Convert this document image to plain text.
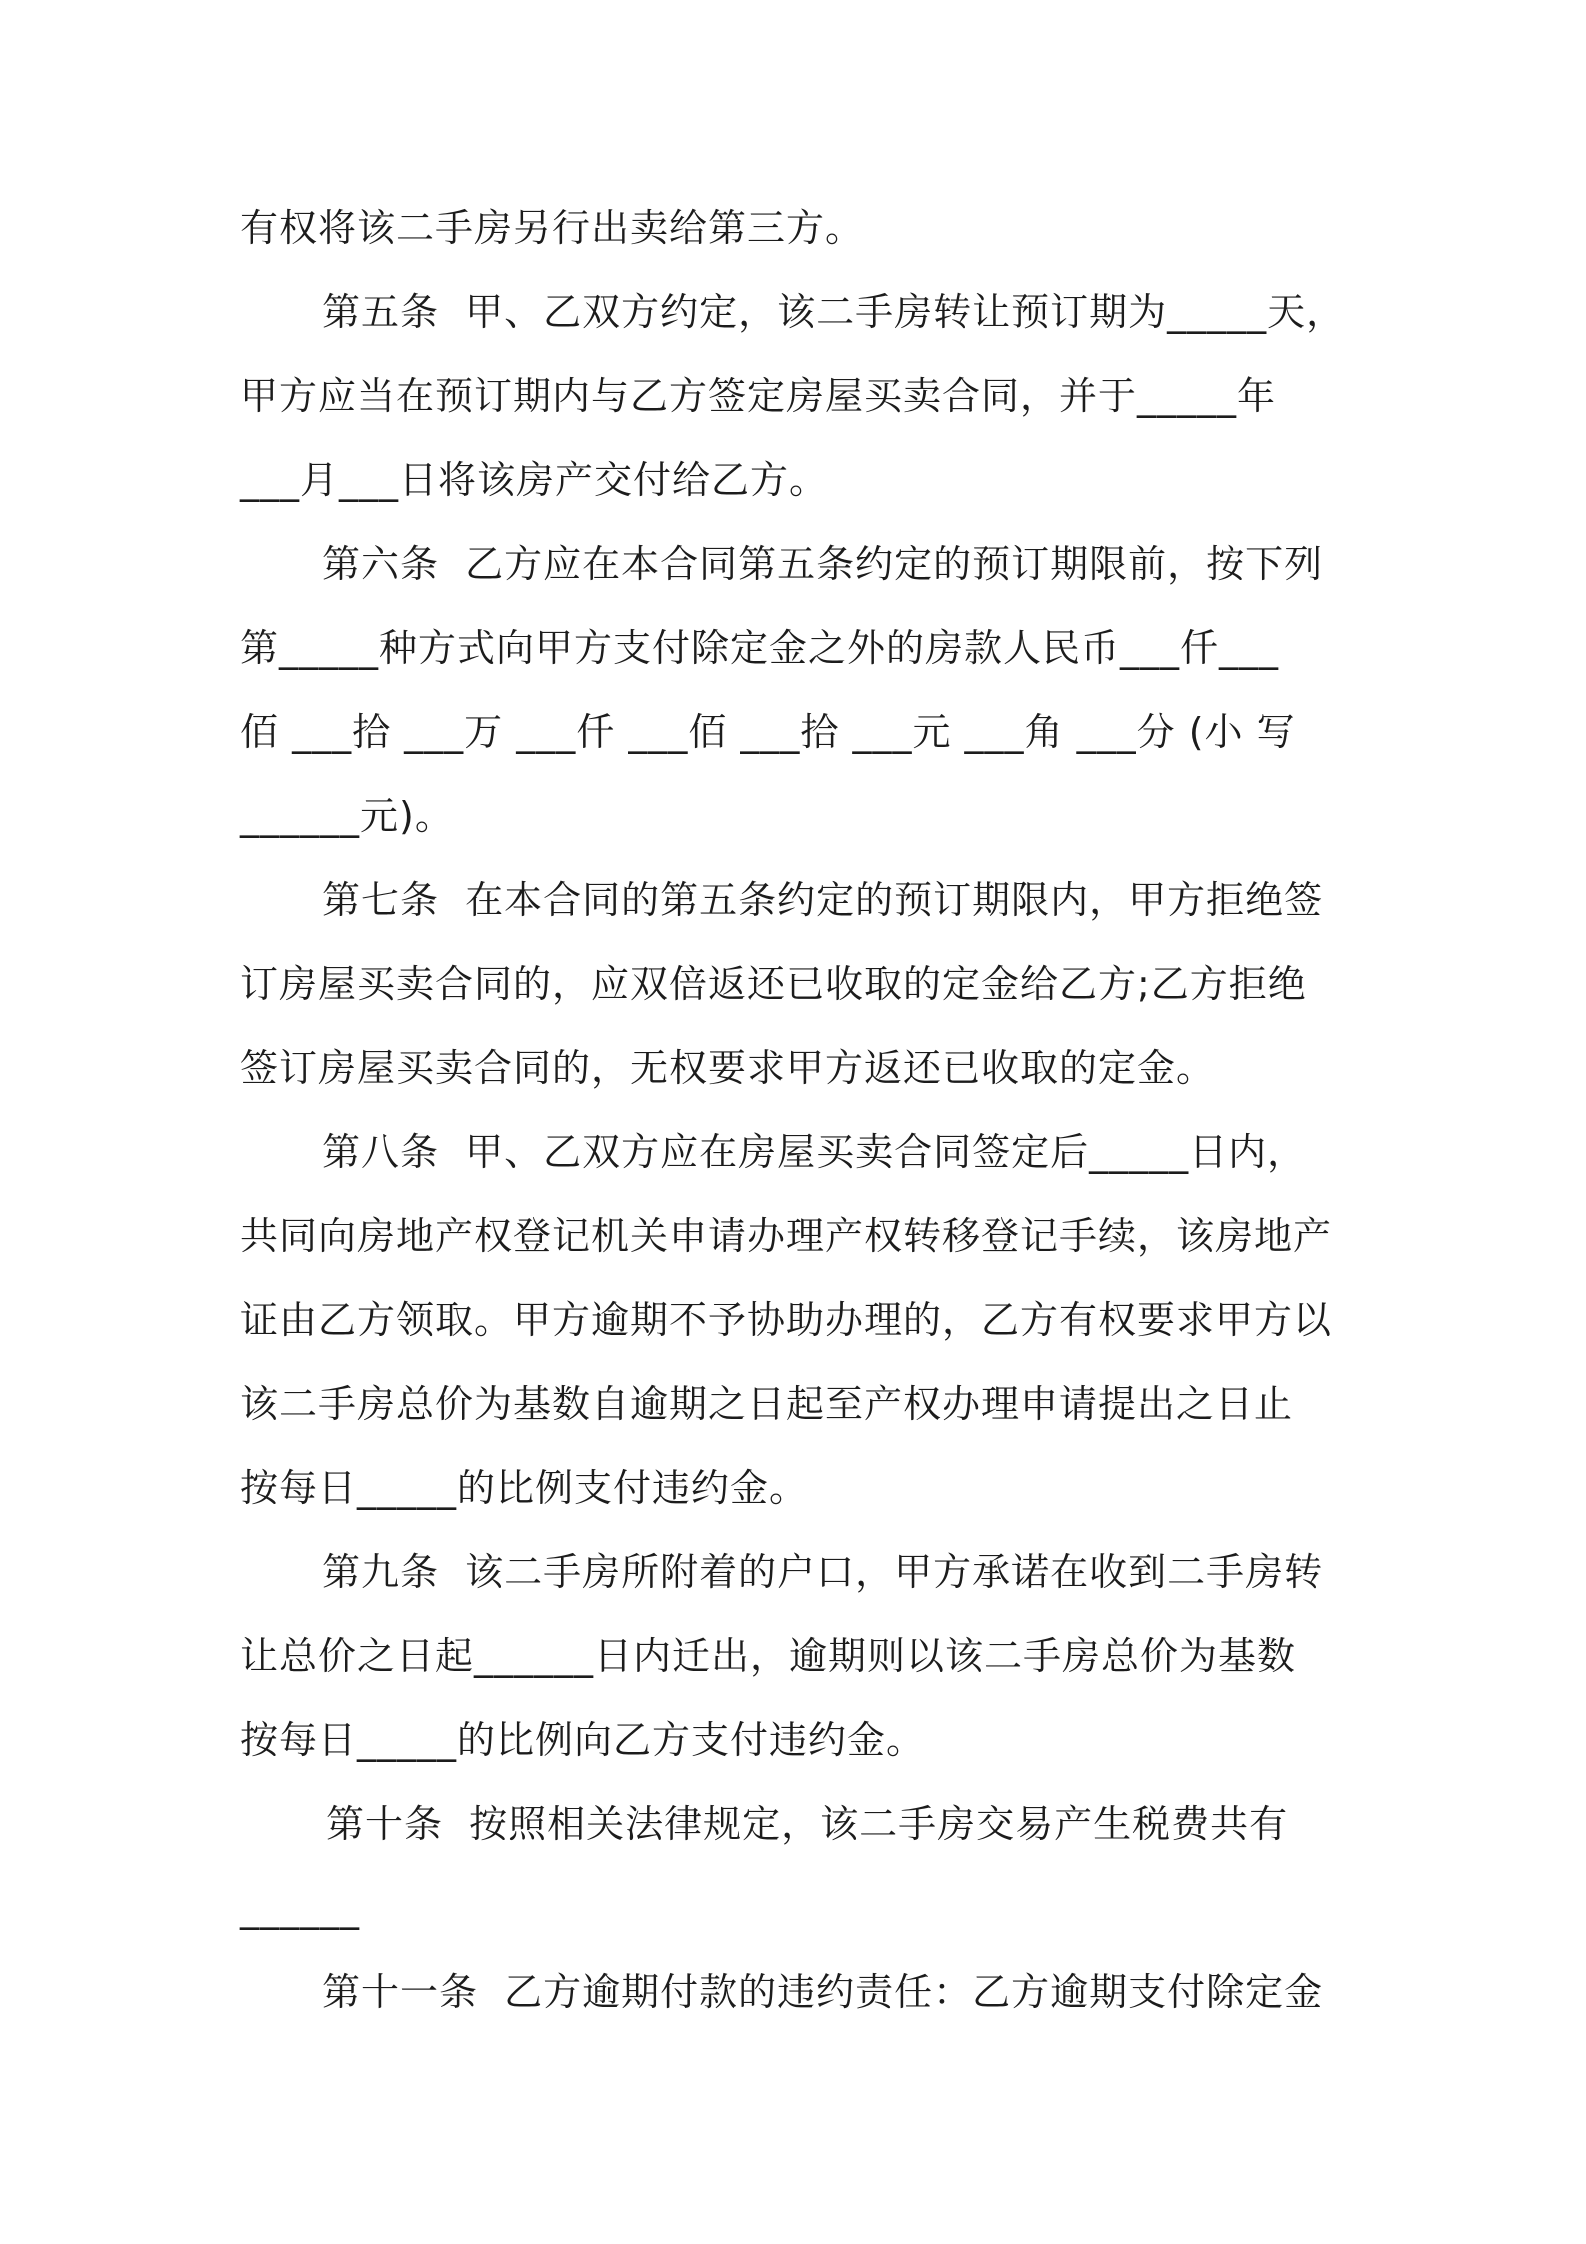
有权将该二手房另行出卖给第三方。
第五条  甲、乙双方约定，该二手房转让预订期为_____天，
甲方应当在预订期内与乙方签定房屋买卖合同，并于_____年
___月___日将该房产交付给乙方。
第六条  乙方应在本合同第五条约定的预订期限前，按下列
第_____种方式向甲方支付除定金之外的房款人民币___仟___
佰 ___拾 ___万 ___仟 ___佰 ___拾 ___元 ___角 ___分 (小 写
______元)。
第七条  在本合同的第五条约定的预订期限内，甲方拒绝签
订房屋买卖合同的，应双倍返还已收取的定金给乙方;乙方拒绝
签订房屋买卖合同的，无权要求甲方返还已收取的定金。
第八条  甲、乙双方应在房屋买卖合同签定后_____日内，
共同向房地产权登记机关申请办理产权转移登记手续，该房地产
证由乙方领取。甲方逾期不予协助办理的，乙方有权要求甲方以
该二手房总价为基数自逾期之日起至产权办理申请提出之日止
按每日_____的比例支付违约金。
第九条  该二手房所附着的户口，甲方承诺在收到二手房转
让总价之日起______日内迁出，逾期则以该二手房总价为基数
按每日_____的比例向乙方支付违约金。
第十条  按照相关法律规定，该二手房交易产生税费共有
______
第十一条  乙方逾期付款的违约责任：乙方逾期支付除定金
